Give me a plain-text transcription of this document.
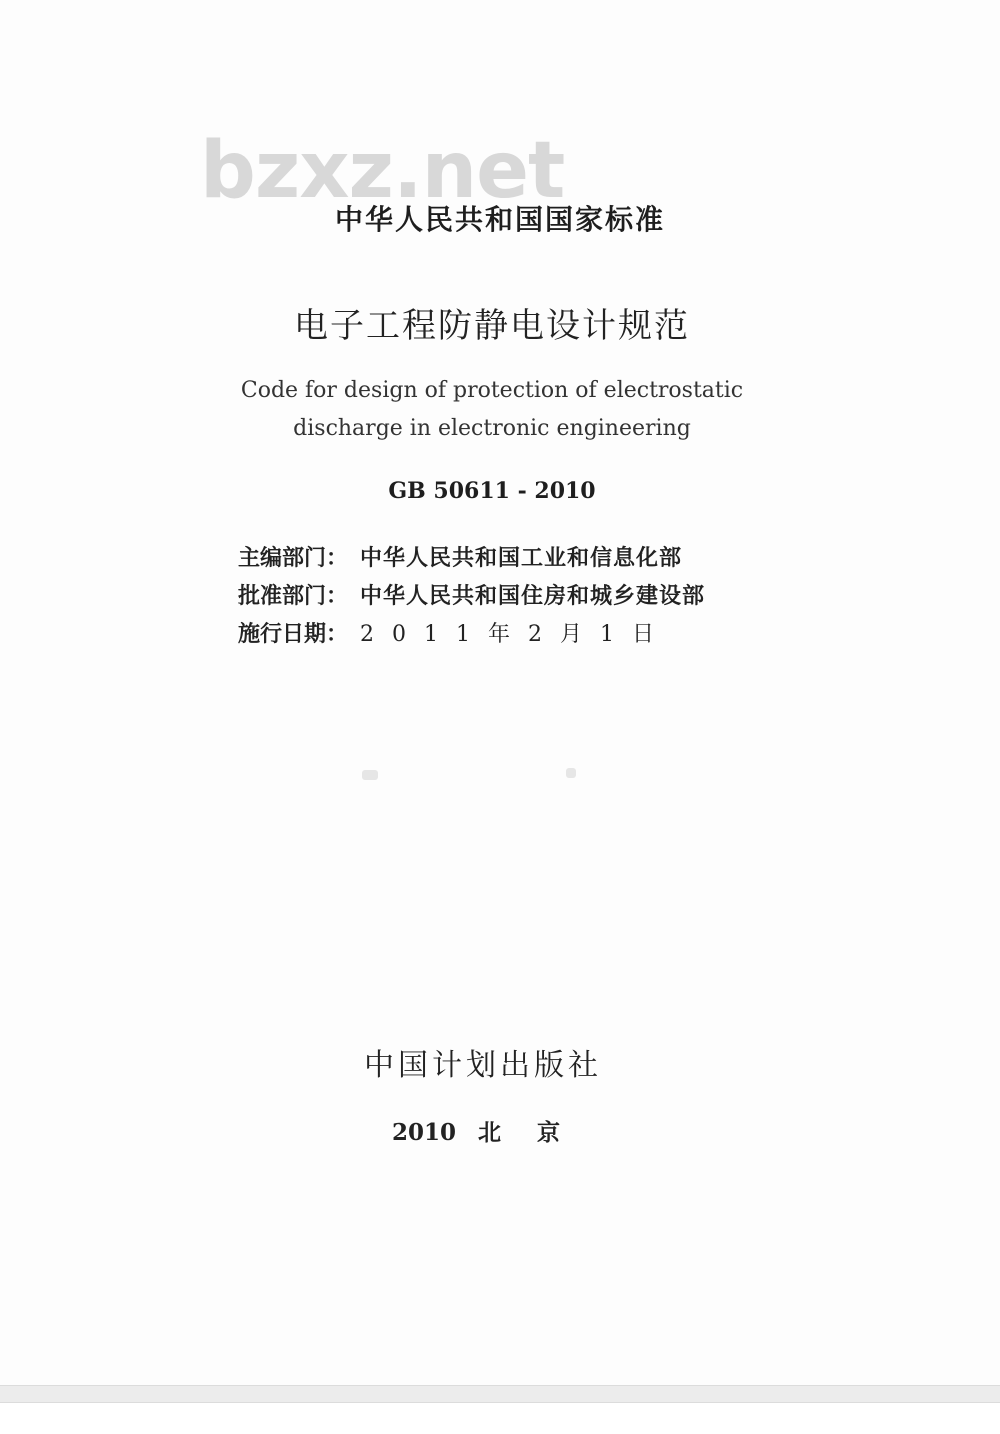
bzxz.net
中华人民共和国国家标准
电子工程防静电设计规范
Code for design of protection of electrostatic
discharge in electronic engineering
GB 50611 - 2010
主编部门： 中华人民共和国工业和信息化部
批准部门： 中华人民共和国住房和城乡建设部
施行日期： 2011年2月1日
中国计划出版社
2010 北京
